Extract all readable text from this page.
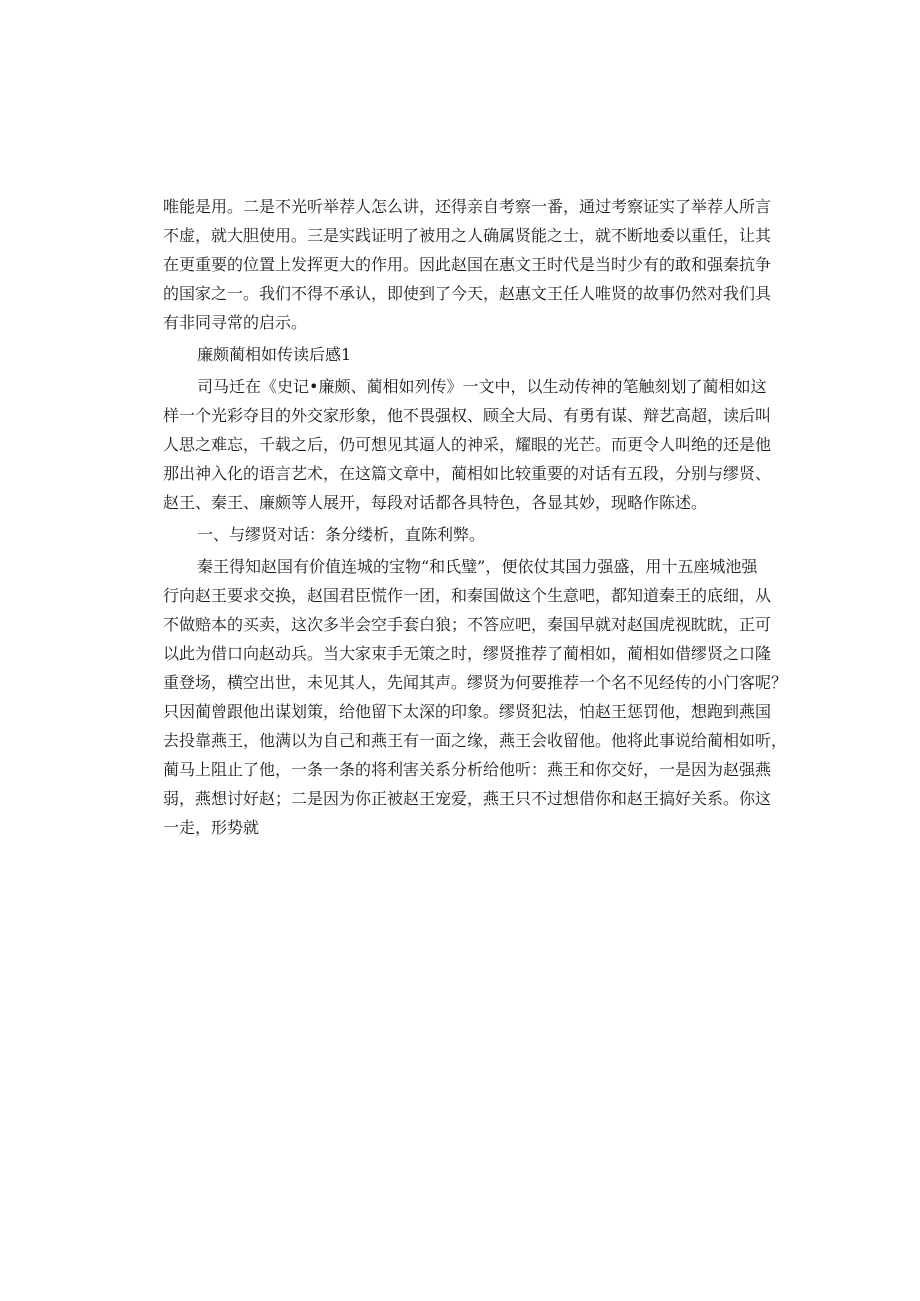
唯能是用。二是不光听举荐人怎么讲，还得亲自考察一番，通过考察证实了举荐人所言
不虚，就大胆使用。三是实践证明了被用之人确属贤能之士，就不断地委以重任，让其
在更重要的位置上发挥更大的作用。因此赵国在惠文王时代是当时少有的敢和强秦抗争
的国家之一。我们不得不承认，即使到了今天，赵惠文王任人唯贤的故事仍然对我们具
有非同寻常的启示。
廉颇蔺相如传读后感1
司马迁在《史记•廉颇、蔺相如列传》一文中，以生动传神的笔触刻划了蔺相如这
样一个光彩夺目的外交家形象，他不畏强权、顾全大局、有勇有谋、辩艺高超，读后叫
人思之难忘，千载之后，仍可想见其逼人的神采，耀眼的光芒。而更令人叫绝的还是他
那出神入化的语言艺术，在这篇文章中，蔺相如比较重要的对话有五段，分别与缪贤、
赵王、秦王、廉颇等人展开，每段对话都各具特色，各显其妙，现略作陈述。
一、与缪贤对话：条分缕析，直陈利弊。
秦王得知赵国有价值连城的宝物“和氏璧”，便依仗其国力强盛，用十五座城池强
行向赵王要求交换，赵国君臣慌作一团，和秦国做这个生意吧，都知道秦王的底细，从
不做赔本的买卖，这次多半会空手套白狼；不答应吧，秦国早就对赵国虎视眈眈，正可
以此为借口向赵动兵。当大家束手无策之时，缪贤推荐了蔺相如，蔺相如借缪贤之口隆
重登场，横空出世，未见其人，先闻其声。缪贤为何要推荐一个名不见经传的小门客呢？
只因蔺曾跟他出谋划策，给他留下太深的印象。缪贤犯法，怕赵王惩罚他，想跑到燕国
去投靠燕王，他满以为自己和燕王有一面之缘，燕王会收留他。他将此事说给蔺相如听，
蔺马上阻止了他，一条一条的将利害关系分析给他听：燕王和你交好，一是因为赵强燕
弱，燕想讨好赵；二是因为你正被赵王宠爱，燕王只不过想借你和赵王搞好关系。你这
一走，形势就
